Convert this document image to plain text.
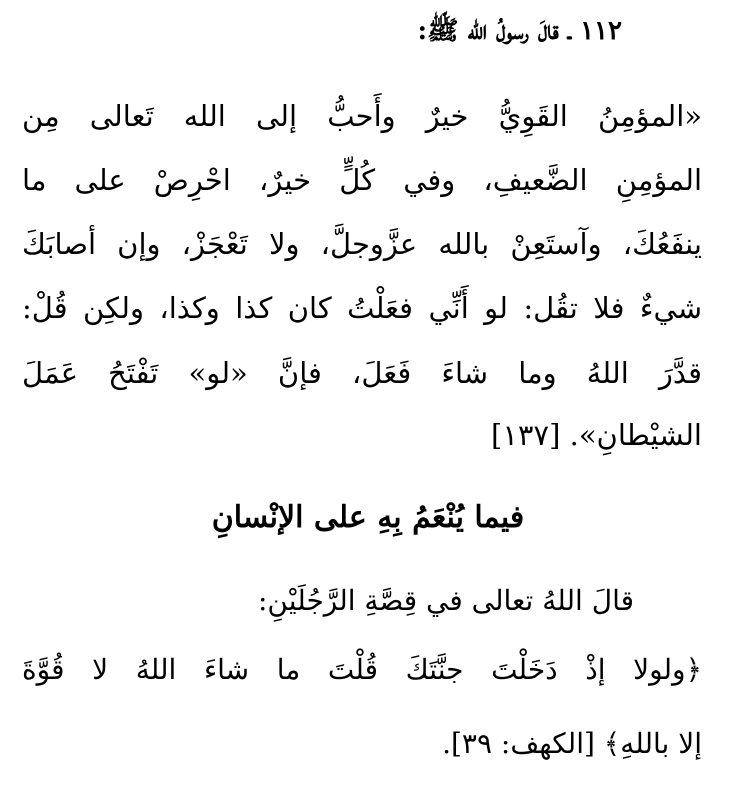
١١٢ ـ قالَ رسولُ الله ﷺ:
«المؤمِنُ القَوِيُّ خيرٌ وأَحبُّ إلى الله تَعالى مِن
المؤمِنِ الضَّعيفِ، وفي كُلٍّ خيرٌ، احْرِصْ على ما
ينفَعُكَ، وآستَعِنْ بالله عزَّوجلَّ، ولا تَعْجَزْ، وإن أصابَكَ
شيءٌ فلا تقُل: لو أَنِّي فعَلْتُ كان كذا وكذا، ولكِن قُلْ:
قدَّرَ اللهُ وما شاءَ فَعَلَ، فإنَّ «لو» تَفْتَحُ عَمَلَ
الشيْطانِ». [١٣٧]
فيما يُنْعَمُ بِهِ على الإنْسانِ
قالَ اللهُ تعالى في قِصَّةِ الرَّجُلَيْنِ:
﴿ولولا إذْ دَخَلْتَ جنَّتَكَ قُلْتَ ما شاءَ اللهُ لا قُوَّةَ
إلا باللهِ﴾ [الكهف: ٣٩].
